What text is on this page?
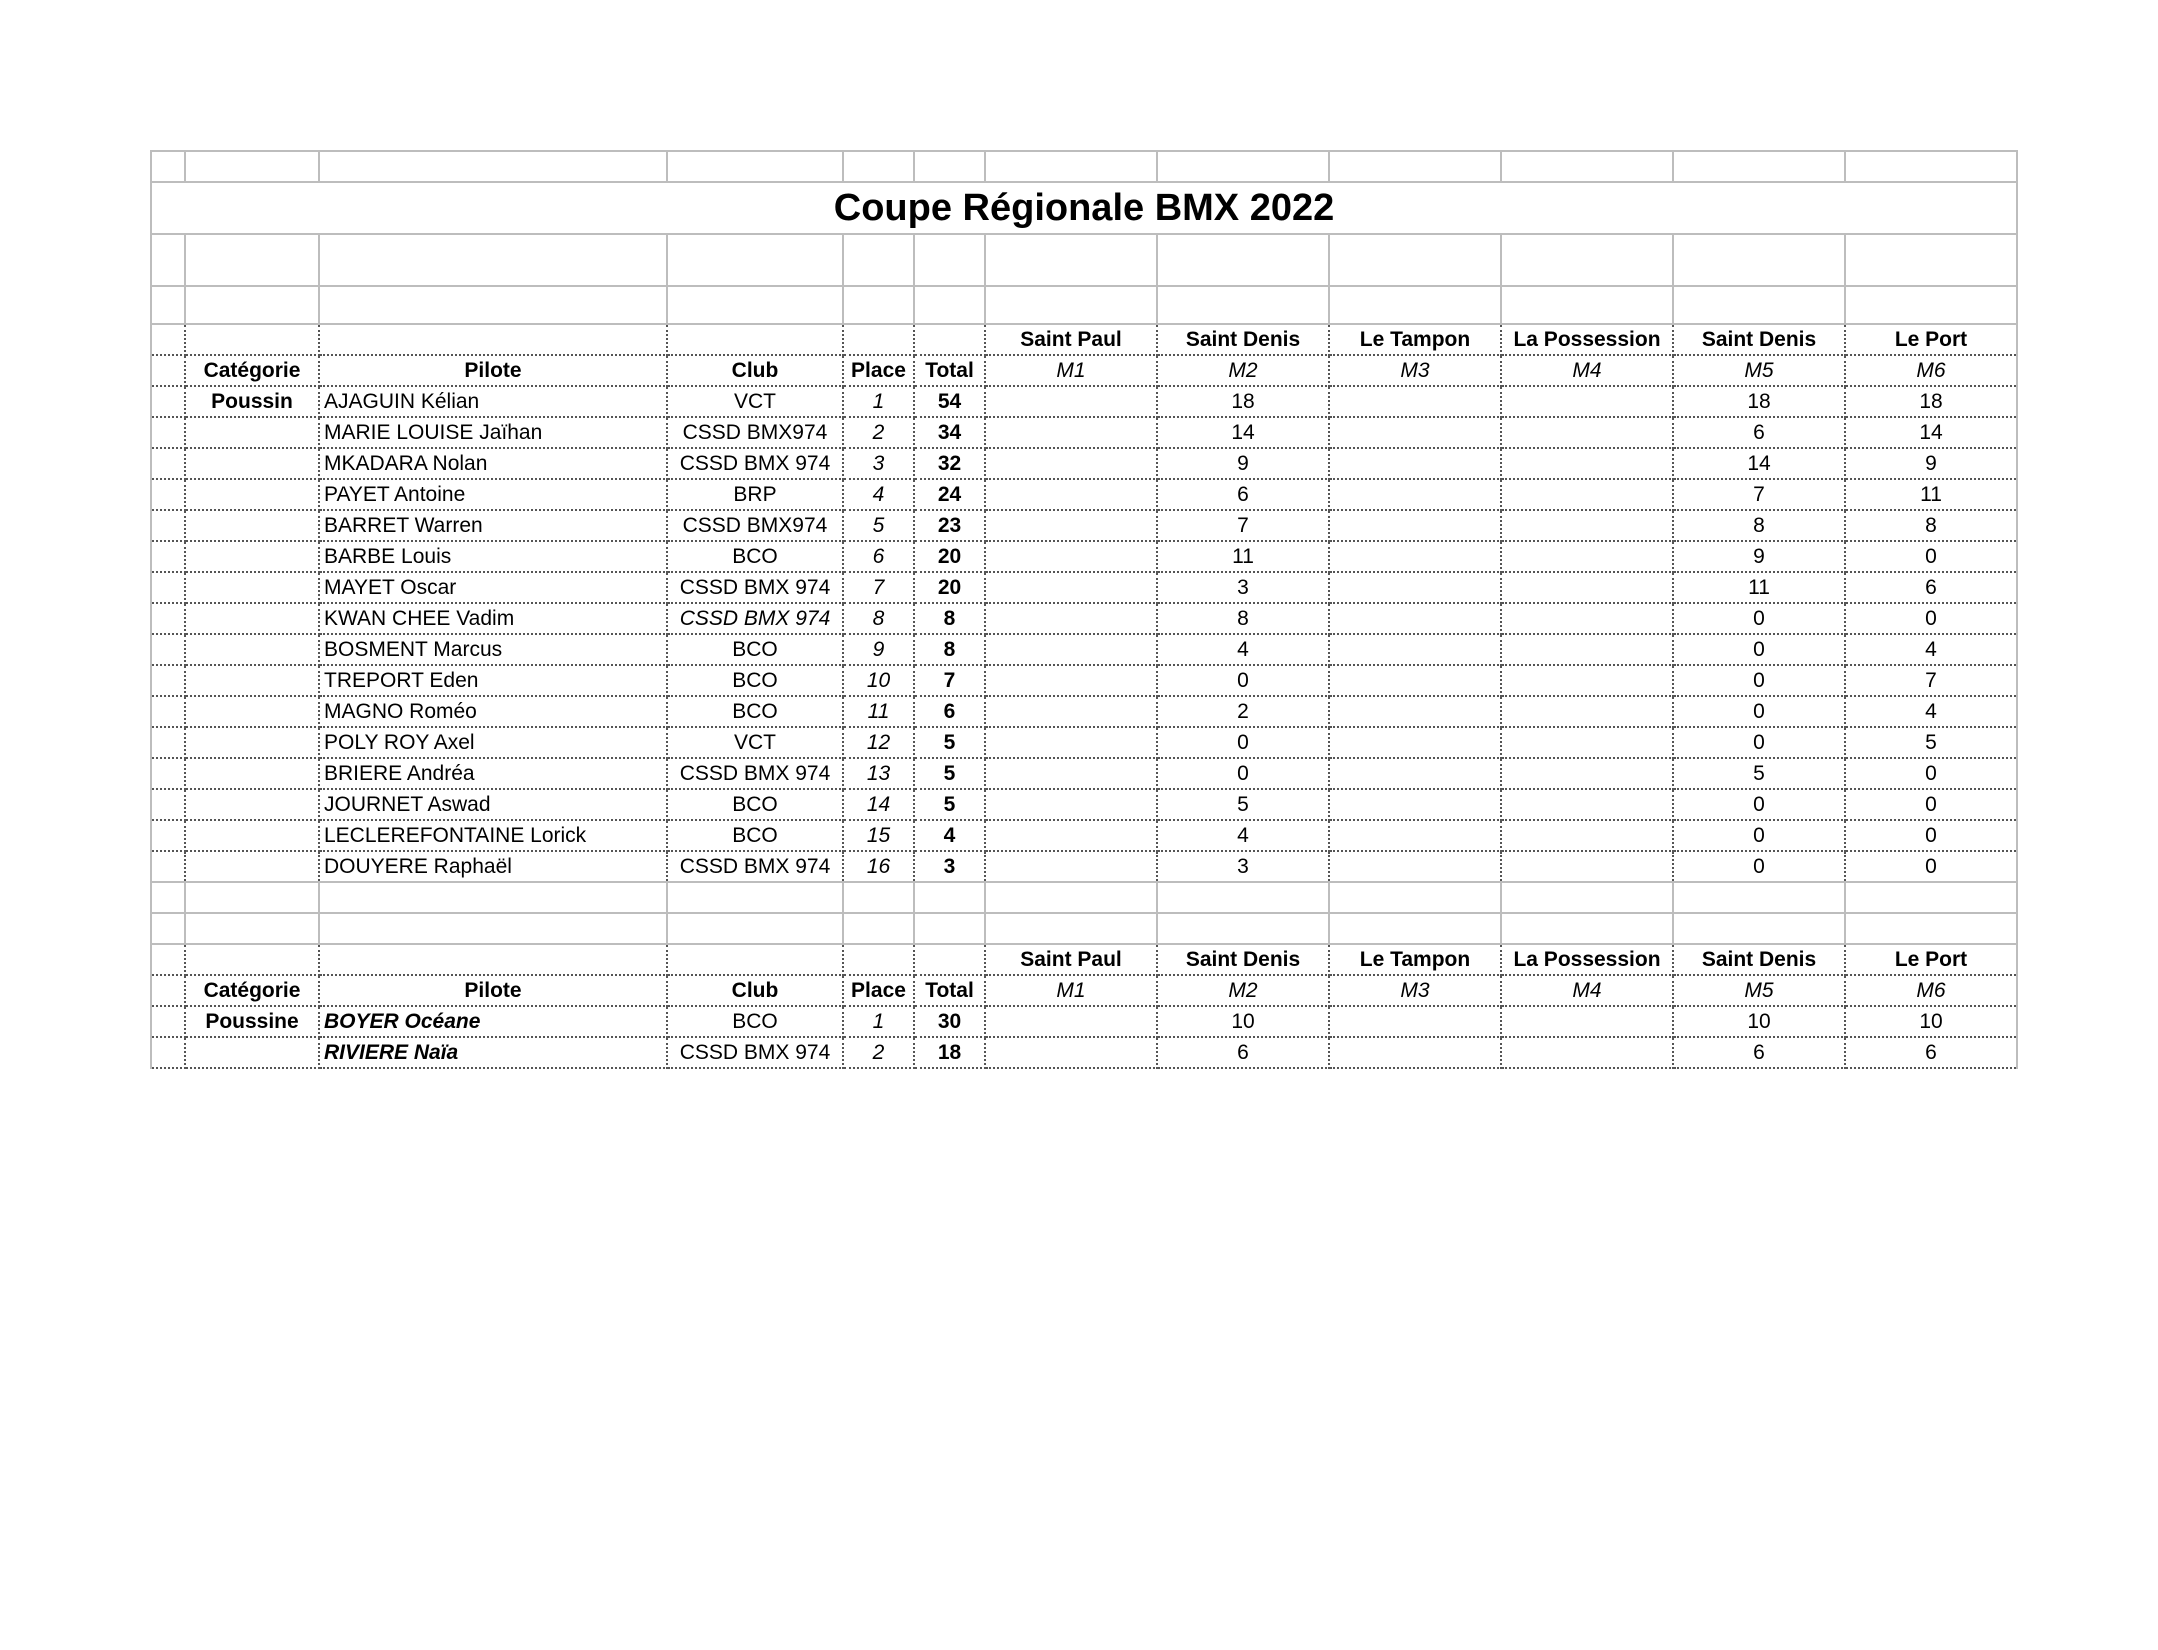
Coupe Régionale BMX 2022											

						Saint Paul	Saint Denis	Le Tampon	La Possession	Saint Denis	Le Port
	Catégorie	Pilote	Club	Place	Total	M1	M2	M3	M4	M5	M6
	Poussin	AJAGUIN Kélian	VCT	1	54		18			18	18
		MARIE LOUISE Jaïhan	CSSD BMX974	2	34		14			6	14
		MKADARA Nolan	CSSD BMX 974	3	32		9			14	9
		PAYET Antoine	BRP	4	24		6			7	11
		BARRET Warren	CSSD BMX974	5	23		7			8	8
		BARBE Louis	BCO	6	20		11			9	0
		MAYET Oscar	CSSD BMX 974	7	20		3			11	6
		KWAN CHEE Vadim	CSSD BMX 974	8	8		8			0	0
		BOSMENT Marcus	BCO	9	8		4			0	4
		TREPORT Eden	BCO	10	7		0			0	7
		MAGNO Roméo	BCO	11	6		2			0	4
		POLY ROY Axel	VCT	12	5		0			0	5
		BRIERE Andréa	CSSD BMX 974	13	5		0			5	0
		JOURNET Aswad	BCO	14	5		5			0	0
		LECLEREFONTAINE Lorick	BCO	15	4		4			0	0
		DOUYERE Raphaël	CSSD BMX 974	16	3		3			0	0

						Saint Paul	Saint Denis	Le Tampon	La Possession	Saint Denis	Le Port
	Catégorie	Pilote	Club	Place	Total	M1	M2	M3	M4	M5	M6
	Poussine	BOYER Océane	BCO	1	30		10			10	10
		RIVIERE Naïa	CSSD BMX 974	2	18		6			6	6
